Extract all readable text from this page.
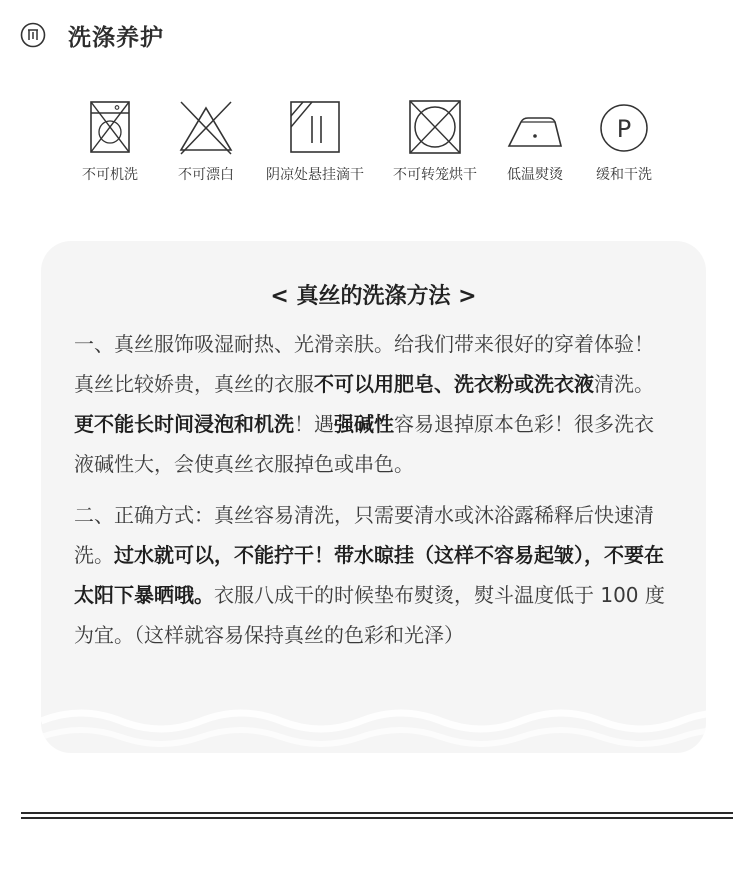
洗涤养护
不可机洗	不可漂白	阴凉处悬挂滴干	不可转笼烘干	低温熨烫
P
缓和干洗
< 真丝的洗涤方法 >

一、真丝服饰吸湿耐热、光滑亲肤。给我们带来很好的穿着体验！真丝比较娇贵，真丝的衣服不可以用肥皂、洗衣粉或洗衣液清洗。更不能长时间浸泡和机洗！遇强碱性容易退掉原本色彩！很多洗衣液碱性大，会使真丝衣服掉色或串色。

二、正确方式：真丝容易清洗，只需要清水或沐浴露稀释后快速清洗。过水就可以，不能拧干！带水晾挂（这样不容易起皱），不要在太阳下暴晒哦。衣服八成干的时候垫布熨烫，熨斗温度低于 100 度为宜。（这样就容易保持真丝的色彩和光泽）
